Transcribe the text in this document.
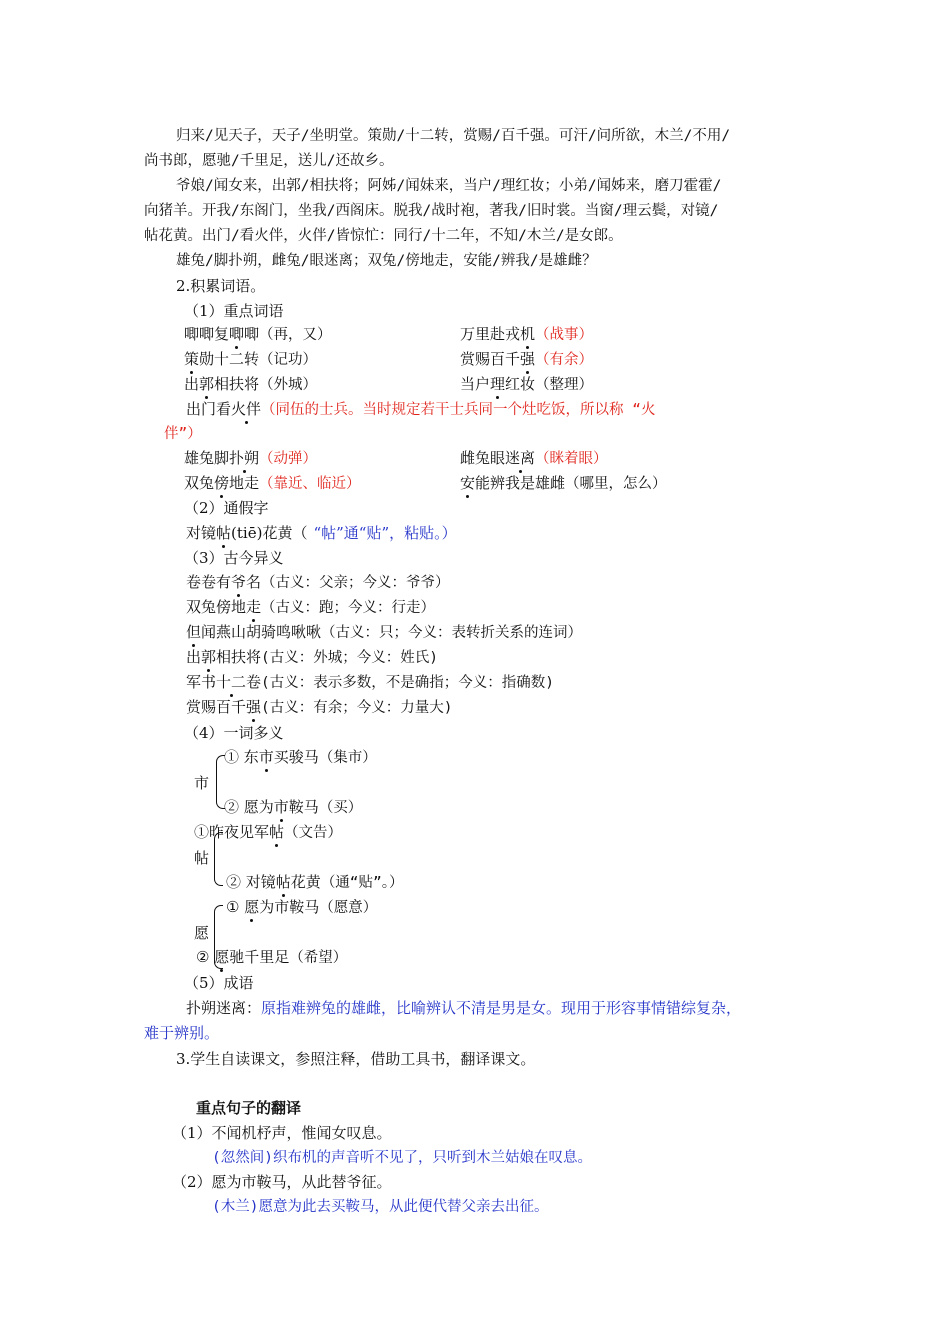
归来/见天子，天子/坐明堂。策勋/十二转，赏赐/百千强。可汗/问所欲，木兰/不用/
尚书郎，愿驰/千里足，送儿/还故乡。
爷娘/闻女来，出郭/相扶将；阿姊/闻妹来，当户/理红妆；小弟/闻姊来，磨刀霍霍/
向猪羊。开我/东阁门，坐我/西阁床。脱我/战时袍，著我/旧时裳。当窗/理云鬓，对镜/
帖花黄。出门/看火伴，火伴/皆惊忙：同行/十二年，不知/木兰/是女郎。
雄兔/脚扑朔，雌兔/眼迷离；双兔/傍地走，安能/辨我/是雄雌？
2.积累词语。
（1）重点词语
唧唧复唧唧（再，又）	万里赴戎机（战事）
策勋十二转（记功）	赏赐百千强（有余）
出郭相扶将（外城）	当户理红妆（整理）
出门看火伴（同伍的士兵。当时规定若干士兵同一个灶吃饭，所以称 “火
伴”）
雄兔脚扑朔（动弹）	雌兔眼迷离（眯着眼）
双兔傍地走（靠近、临近）	安能辨我是雄雌（哪里，怎么）
（2）通假字
对镜帖(tiē)花黄（ “帖”通“贴”，粘贴。）
（3）古今异义
卷卷有爷名（古义：父亲；今义：爷爷）
双兔傍地走（古义：跑；今义：行走）
但闻燕山胡骑鸣啾啾（古义：只；今义：表转折关系的连词）
出郭相扶将(古义：外城；今义：姓氏)
军书十二卷(古义：表示多数，不是确指；今义：指确数)
赏赐百千强(古义：有余；今义：力量大)
（4）一词多义
市
① 东市买骏马（集市）
② 愿为市鞍马（买）
①昨夜见军帖（文告）
帖
② 对镜帖花黄（通“贴”。）
① 愿为市鞍马（愿意）
愿
② 愿驰千里足（希望）
（5）成语
扑朔迷离：原指难辨兔的雄雌，比喻辨认不清是男是女。现用于形容事情错综复杂，
难于辨别。
3.学生自读课文，参照注释，借助工具书，翻译课文。
重点句子的翻译
（1）不闻机杼声，惟闻女叹息。
(忽然间)织布机的声音听不见了，只听到木兰姑娘在叹息。
（2）愿为市鞍马，从此替爷征。
(木兰)愿意为此去买鞍马，从此便代替父亲去出征。
